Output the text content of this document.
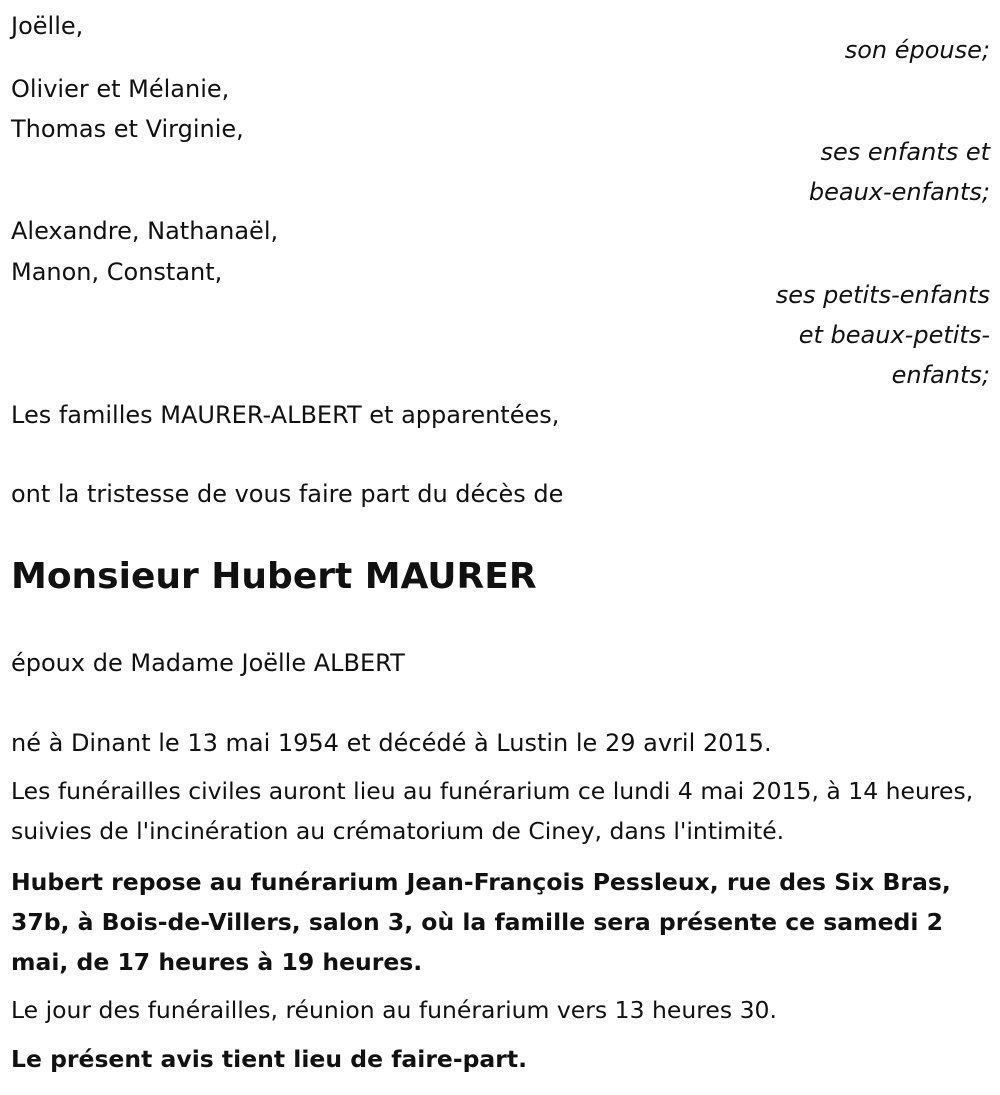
Joëlle,

son épouse;

Olivier et Mélanie,

Thomas et Virginie,

ses enfants et

beaux-enfants;

Alexandre, Nathanaël,

Manon, Constant,

ses petits-enfants

et beaux-petits-

enfants;

Les familles MAURER-ALBERT et apparentées,

ont la tristesse de vous faire part du décès de

Monsieur Hubert MAURER

époux de Madame Joëlle ALBERT

né à Dinant le 13 mai 1954 et décédé à Lustin le 29 avril 2015.

Les funérailles civiles auront lieu au funérarium ce lundi 4 mai 2015, à 14 heures, suivies de l'incinération au crématorium de Ciney, dans l'intimité.

Hubert repose au funérarium Jean-François Pessleux, rue des Six Bras, 37b, à Bois-de-Villers, salon 3, où la famille sera présente ce samedi 2 mai, de 17 heures à 19 heures.

Le jour des funérailles, réunion au funérarium vers 13 heures 30.

Le présent avis tient lieu de faire-part.
